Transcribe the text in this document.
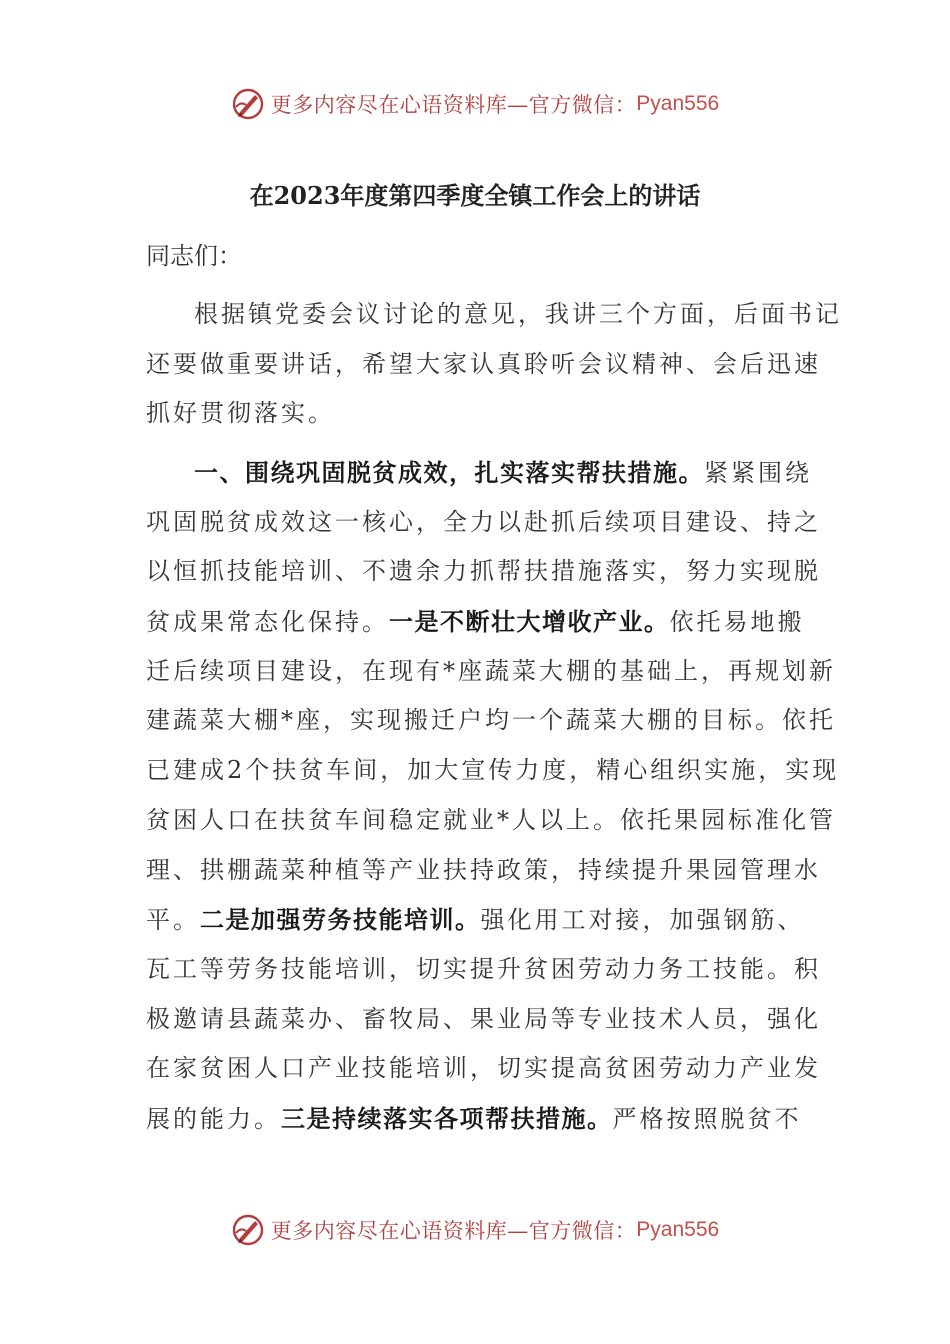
更多内容尽在心语资料库—官方微信： Pyan556
在2023年度第四季度全镇工作会上的讲话
同志们：
根据镇党委会议讨论的意见，我讲三个方面，后面书记
还要做重要讲话，希望大家认真聆听会议精神、会后迅速
抓好贯彻落实。
一、围绕巩固脱贫成效，扎实落实帮扶措施。紧紧围绕
巩固脱贫成效这一核心，全力以赴抓后续项目建设、持之
以恒抓技能培训、不遗余力抓帮扶措施落实，努力实现脱
贫成果常态化保持。一是不断壮大增收产业。依托易地搬
迁后续项目建设，在现有*座蔬菜大棚的基础上，再规划新
建蔬菜大棚*座，实现搬迁户均一个蔬菜大棚的目标。依托
已建成2个扶贫车间，加大宣传力度，精心组织实施，实现
贫困人口在扶贫车间稳定就业*人以上。依托果园标准化管
理、拱棚蔬菜种植等产业扶持政策，持续提升果园管理水
平。二是加强劳务技能培训。强化用工对接，加强钢筋、
瓦工等劳务技能培训，切实提升贫困劳动力务工技能。积
极邀请县蔬菜办、畜牧局、果业局等专业技术人员，强化
在家贫困人口产业技能培训，切实提高贫困劳动力产业发
展的能力。三是持续落实各项帮扶措施。严格按照脱贫不
更多内容尽在心语资料库—官方微信： Pyan556
